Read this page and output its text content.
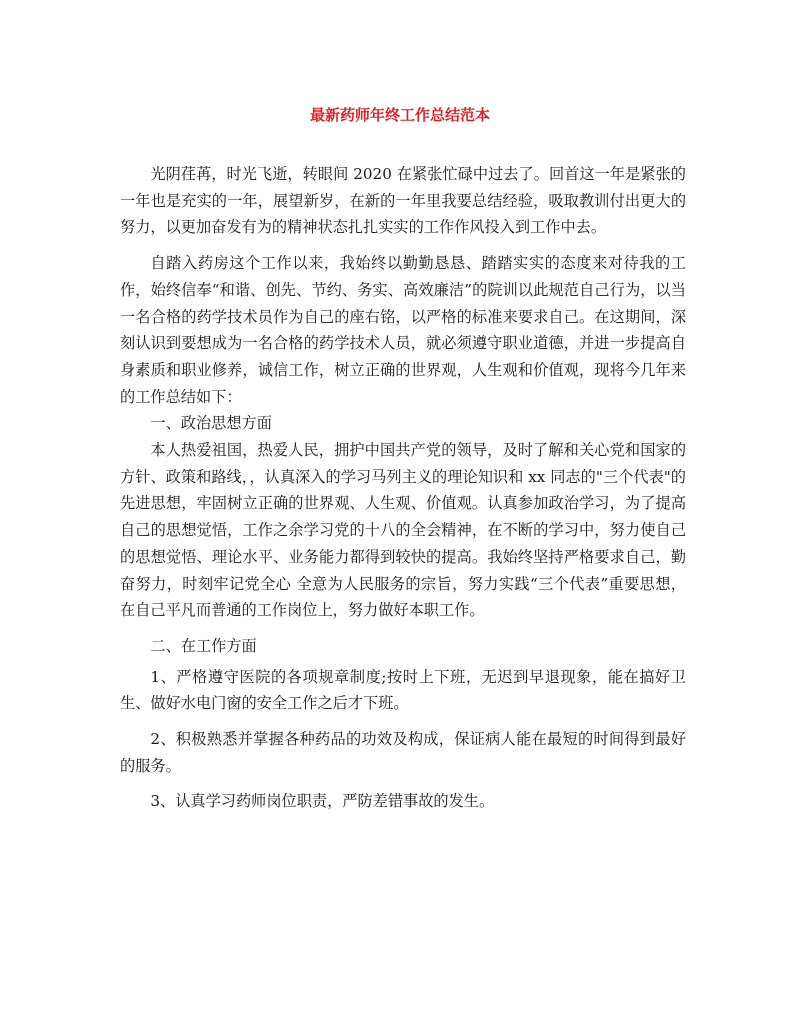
最新药师年终工作总结范本

光阴荏苒，时光飞逝，转眼间 2020 在紧张忙碌中过去了。回首这一年是紧张的一年也是充实的一年，展望新岁，在新的一年里我要总结经验，吸取教训付出更大的努力，以更加奋发有为的精神状态扎扎实实的工作作风投入到工作中去。

自踏入药房这个工作以来，我始终以勤勤恳恳、踏踏实实的态度来对待我的工作，始终信奉“和谐、创先、节约、务实、高效廉洁”的院训以此规范自己行为，以当一名合格的药学技术员作为自己的座右铭，以严格的标准来要求自己。在这期间，深刻认识到要想成为一名合格的药学技术人员，就必须遵守职业道德，并进一步提高自身素质和职业修养，诚信工作，树立正确的世界观，人生观和价值观，现将今几年来的工作总结如下：

一、政治思想方面

本人热爱祖国，热爱人民，拥护中国共产党的领导，及时了解和关心党和国家的方针、政策和路线，，认真深入的学习马列主义的理论知识和 xx 同志的"三个代表"的先进思想，牢固树立正确的世界观、人生观、价值观。认真参加政治学习，为了提高自己的思想觉悟，工作之余学习党的十八的全会精神，在不断的学习中，努力使自己的思想觉悟、理论水平、业务能力都得到较快的提高。我始终坚持严格要求自己，勤奋努力，时刻牢记党全心 全意为人民服务的宗旨，努力实践“三个代表”重要思想， 在自己平凡而普通的工作岗位上，努力做好本职工作。

二、在工作方面

1、严格遵守医院的各项规章制度;按时上下班，无迟到早退现象，能在搞好卫生、做好水电门窗的安全工作之后才下班。

2、积极熟悉并掌握各种药品的功效及构成，保证病人能在最短的时间得到最好的服务。

3、认真学习药师岗位职责，严防差错事故的发生。
